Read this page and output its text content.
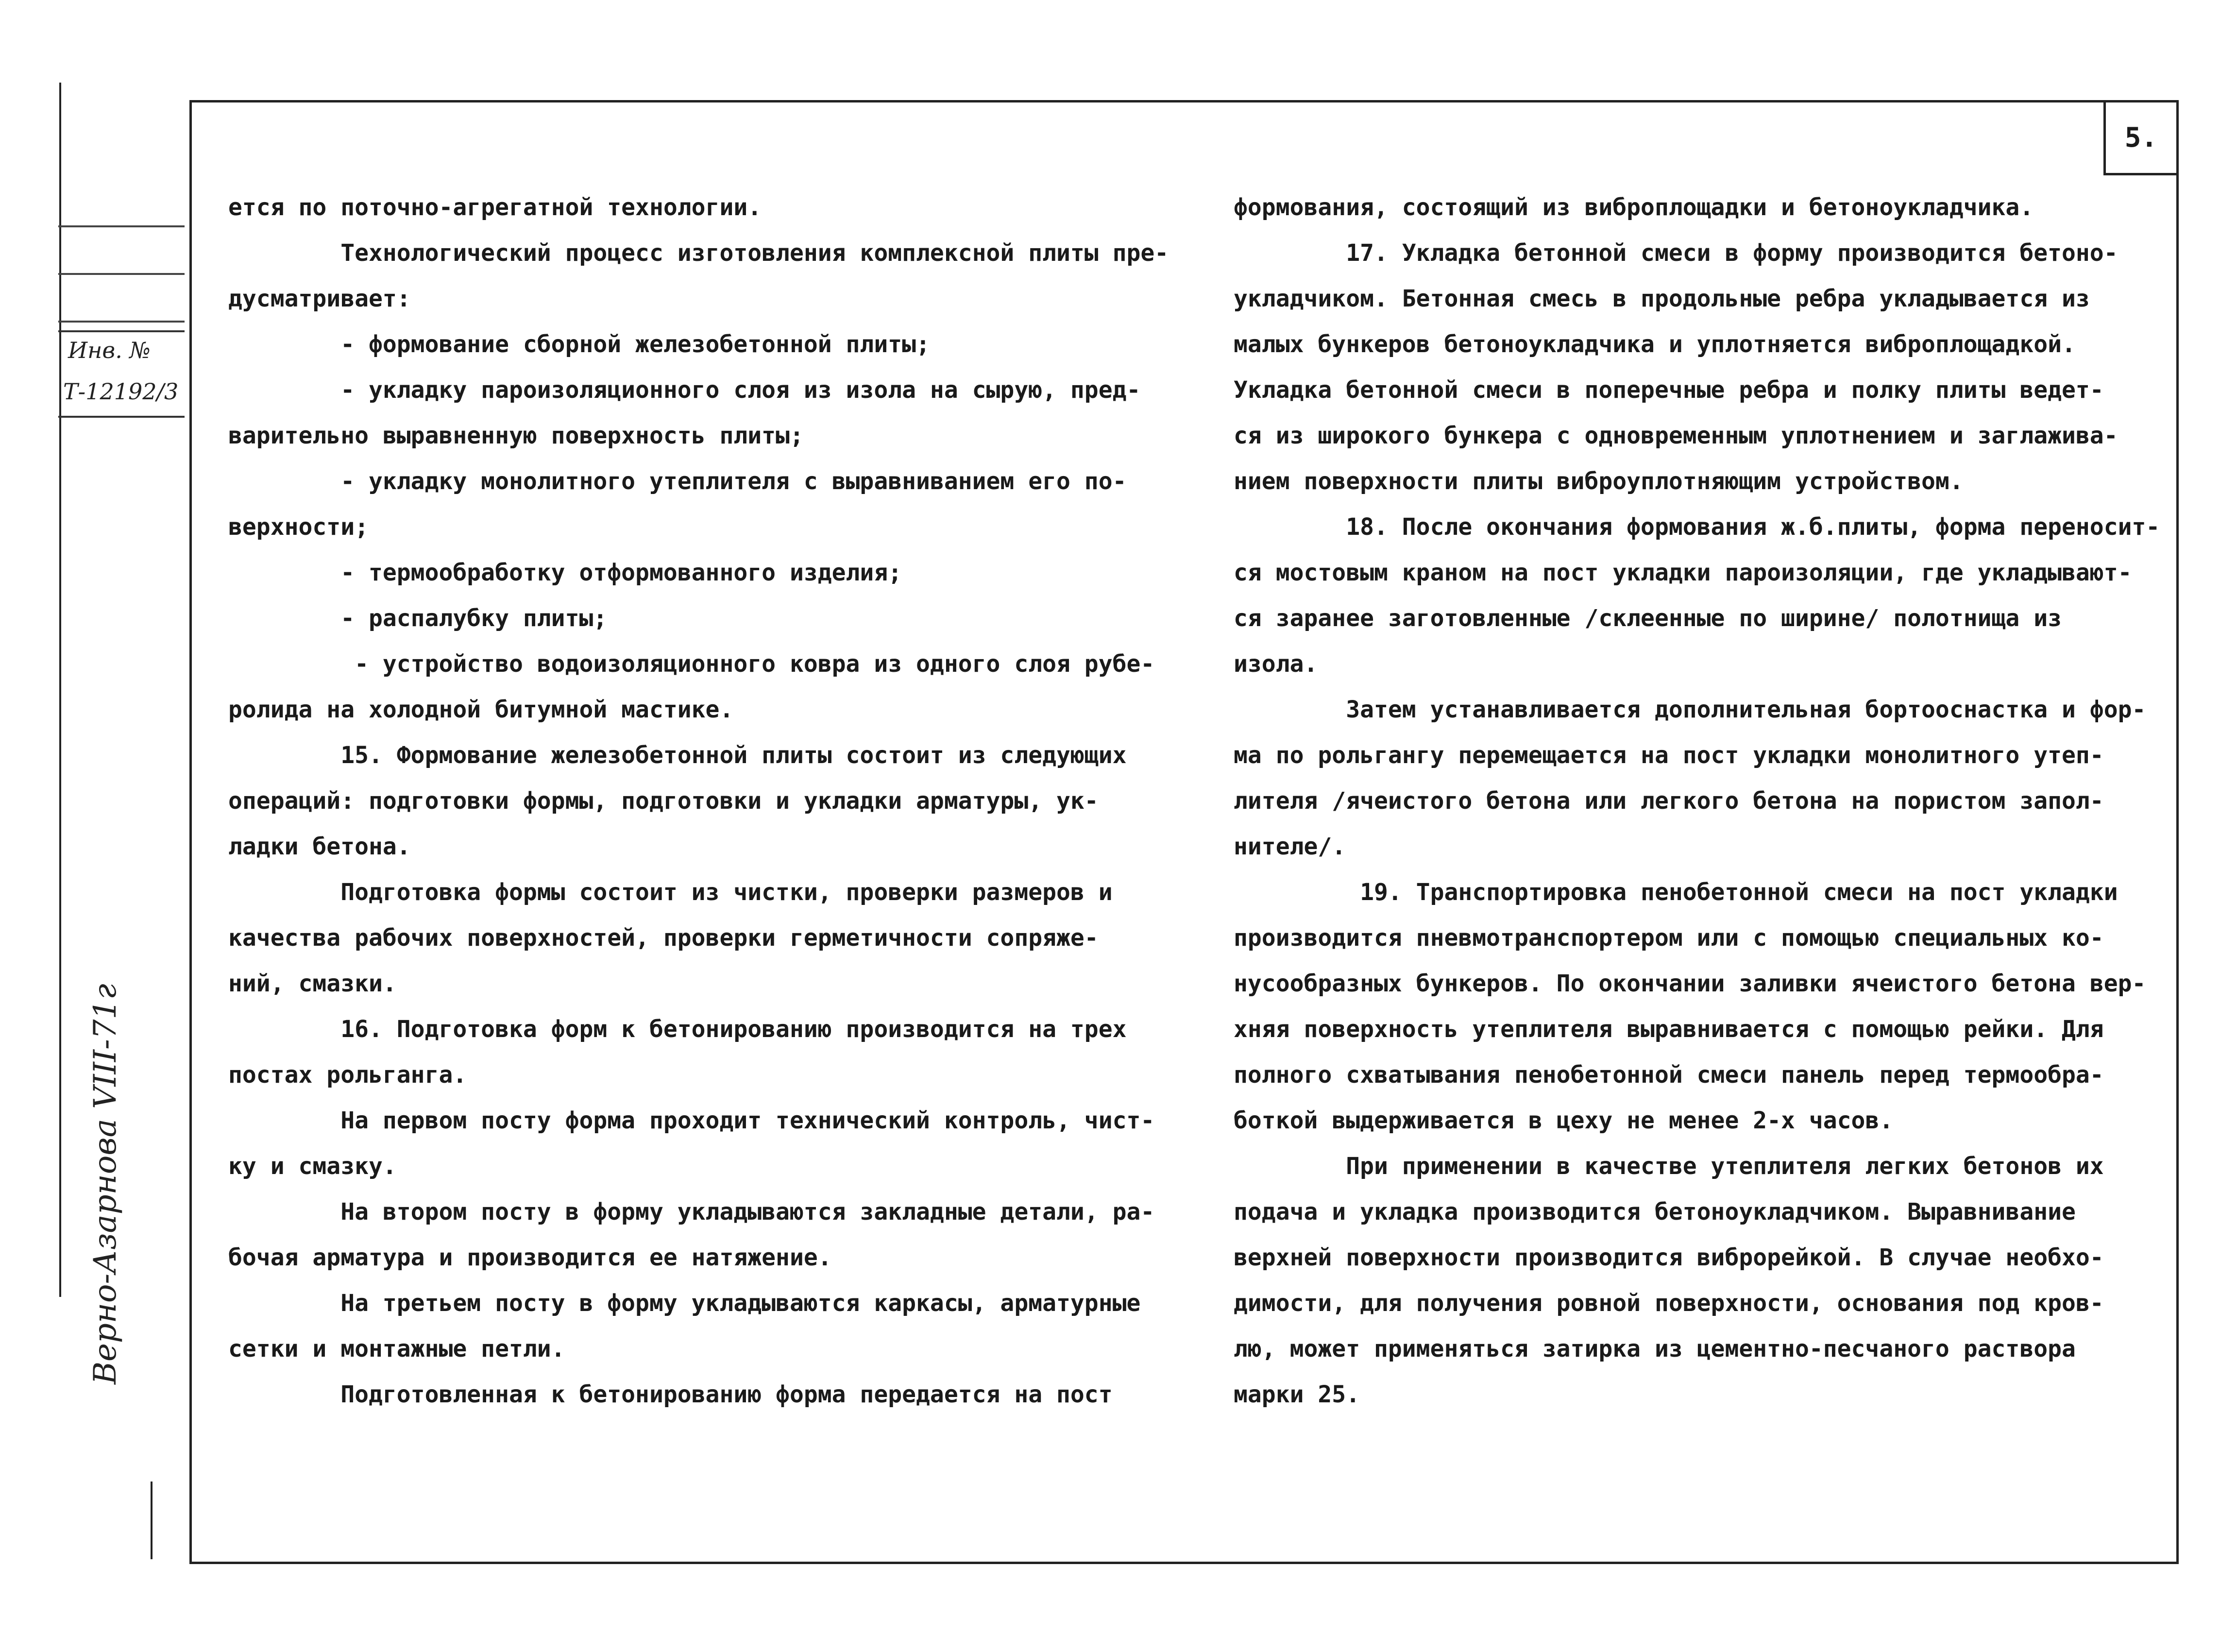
Инв. №
Т-12192/3
Верно-Азарнова VIII-71г
5.

ется по поточно-агрегатной технологии.

Технологический процесс изготовления комплексной плиты пре-

дусматривает:

- формование сборной железобетонной плиты;

- укладку пароизоляционного слоя из изола на сырую, пред-

варительно выравненную поверхность плиты;

- укладку монолитного утеплителя с выравниванием его по-

верхности;

- термообработку отформованного изделия;

- распалубку плиты;

- устройство водоизоляционного ковра из одного слоя рубе-

ролида на холодной битумной мастике.

15. Формование железобетонной плиты состоит из следующих

операций: подготовки формы, подготовки и укладки арматуры, ук-

ладки бетона.

Подготовка формы состоит из чистки, проверки размеров и

качества рабочих поверхностей, проверки герметичности сопряже-

ний, смазки.

16. Подготовка форм к бетонированию производится на трех

постах рольганга.

На первом посту форма проходит технический контроль, чист-

ку и смазку.

На втором посту в форму укладываются закладные детали, ра-

бочая арматура и производится ее натяжение.

На третьем посту в форму укладываются каркасы, арматурные

сетки и монтажные петли.

Подготовленная к бетонированию форма передается на пост

формования, состоящий из виброплощадки и бетоноукладчика.

17. Укладка бетонной смеси в форму производится бетоно-

укладчиком. Бетонная смесь в продольные ребра укладывается из

малых бункеров бетоноукладчика и уплотняется виброплощадкой.

Укладка бетонной смеси в поперечные ребра и полку плиты ведет-

ся из широкого бункера с одновременным уплотнением и заглажива-

нием поверхности плиты виброуплотняющим устройством.

18. После окончания формования ж.б.плиты, форма переносит-

ся мостовым краном на пост укладки пароизоляции, где укладывают-

ся заранее заготовленные /склеенные по ширине/ полотнища из

изола.

Затем устанавливается дополнительная бортооснастка и фор-

ма по рольгангу перемещается на пост укладки монолитного утеп-

лителя /ячеистого бетона или легкого бетона на пористом запол-

нителе/.

19. Транспортировка пенобетонной смеси на пост укладки

производится пневмотранспортером или с помощью специальных ко-

нусообразных бункеров. По окончании заливки ячеистого бетона вер-

хняя поверхность утеплителя выравнивается с помощью рейки. Для

полного схватывания пенобетонной смеси панель перед термообра-

боткой выдерживается в цеху не менее 2-х часов.

При применении в качестве утеплителя легких бетонов их

подача и укладка производится бетоноукладчиком. Выравнивание

верхней поверхности производится виброрейкой. В случае необхо-

димости, для получения ровной поверхности, основания под кров-

лю, может применяться затирка из цементно-песчаного раствора

марки 25.
